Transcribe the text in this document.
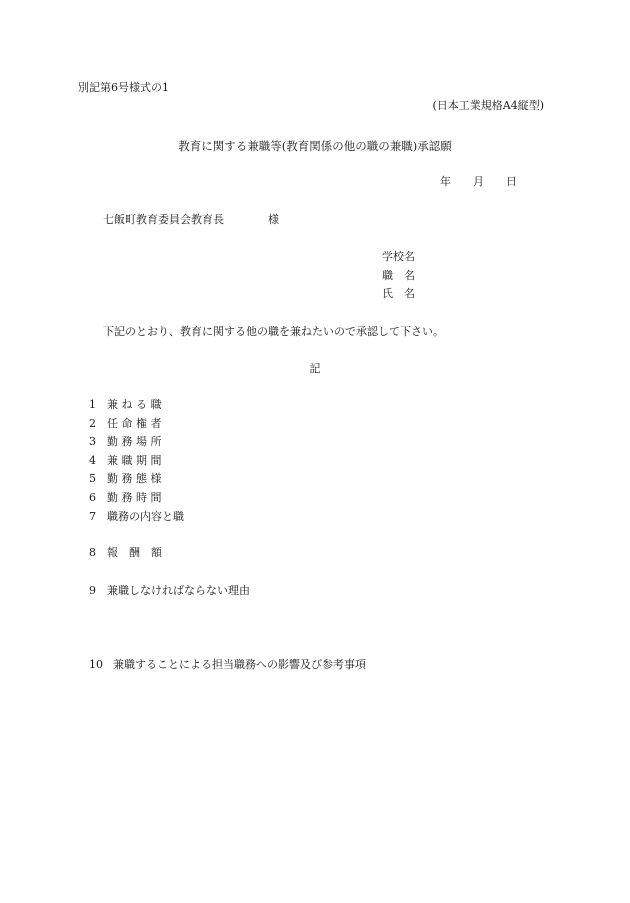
別記第6号様式の1
(日本工業規格A4縦型)
教育に関する兼職等(教育関係の他の職の兼職)承認願
年 月 日
七飯町教育委員会教育長	様
学校名
職　名
氏　名
下記のとおり、教育に関する他の職を兼ねたいので承認して下さい。
記
1 兼 ね る 職
2 任 命 権 者
3 勤 務 場 所
4 兼 職 期 間
5 勤 務 態 様
6 勤 務 時 間
7 職務の内容と職
8 報　酬　額
9 兼職しなければならない理由
10 兼職することによる担当職務への影響及び参考事項
